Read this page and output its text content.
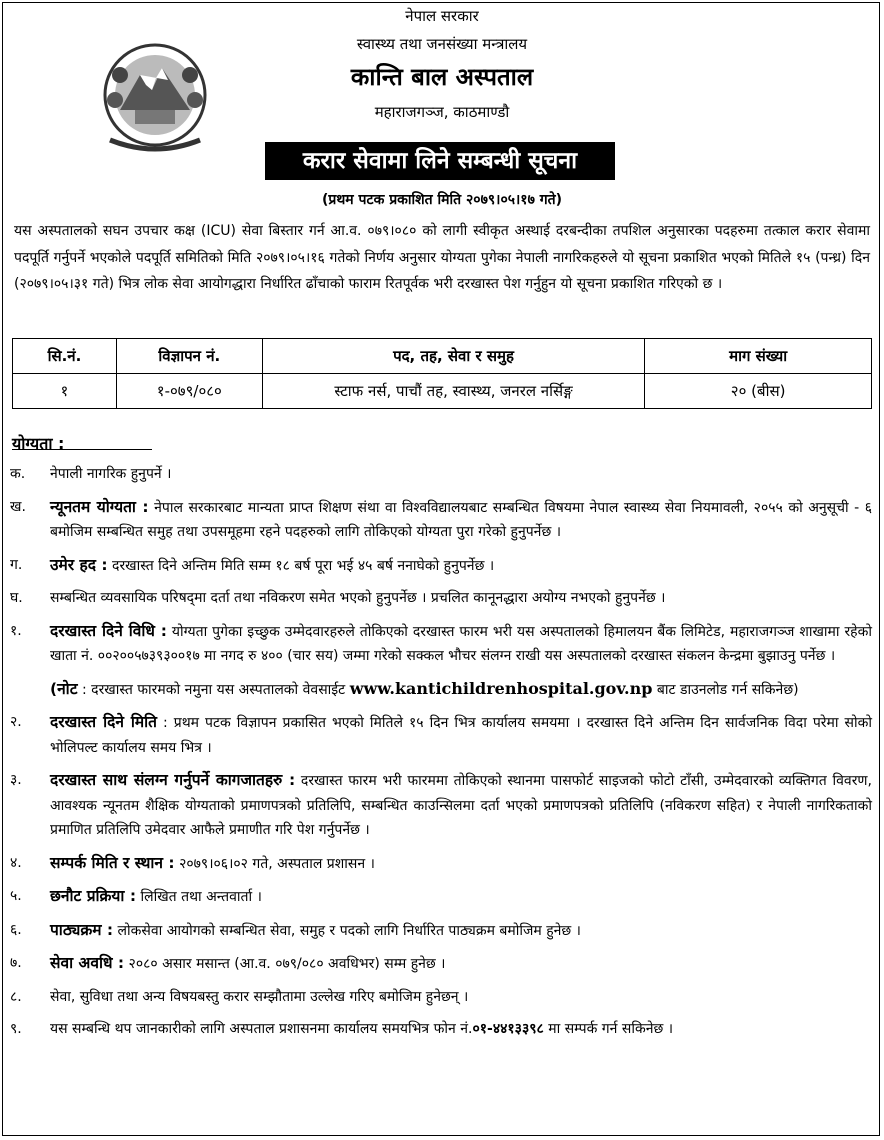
नेपाल सरकार
स्वास्थ्य तथा जनसंख्या मन्त्रालय
कान्ति बाल अस्पताल
महाराजगञ्ज, काठमाण्डौ
करार सेवामा लिने सम्बन्धी सूचना
(प्रथम पटक प्रकाशित मिति २०७९।०५।१७ गते)
यस अस्पतालको सघन उपचार कक्ष (ICU) सेवा बिस्तार गर्न आ.व. ०७९।०८० को लागी स्वीकृत अस्थाई दरबन्दीका तपशिल अनुसारका पदहरुमा तत्काल करार सेवामा पदपूर्ति गर्नुपर्ने भएकोले पदपूर्ति समितिको मिति २०७९।०५।१६ गतेको निर्णय अनुसार योग्यता पुगेका नेपाली नागरिकहरुले यो सूचना प्रकाशित भएको मितिले १५ (पन्ध्र) दिन (२०७९।०५।३१ गते) भित्र लोक सेवा आयोगद्धारा निर्धारित ढाँचाको फाराम रितपूर्वक भरी दरखास्त पेश गर्नुहुन यो सूचना प्रकाशित गरिएको छ ।
सि.नं.	विज्ञापन नं.	पद, तह, सेवा र समुह	माग संख्या
१	१-०७९/०८०	स्टाफ नर्स, पाचौं तह, स्वास्थ्य, जनरल नर्सिङ्ग	२० (बीस)
योग्यता :
क.	नेपाली नागरिक हुनुपर्ने ।
ख.	न्यूनतम योग्यता : नेपाल सरकारबाट मान्यता प्राप्त शिक्षण संथा वा विश्वविद्यालयबाट सम्बन्धित विषयमा नेपाल स्वास्थ्य सेवा नियमावली, २०५५ को अनुसूची - ६ बमोजिम सम्बन्धित समुह तथा उपसमूहमा रहने पदहरुको लागि तोकिएको योग्यता पुरा गरेको हुनुपर्नेछ ।
ग.	उमेर हद : दरखास्त दिने अन्तिम मिति सम्म १८ बर्ष पूरा भई ४५ बर्ष ननाघेको हुनुपर्नेछ ।
घ.	सम्बन्धित व्यवसायिक परिषद्‌मा दर्ता तथा नविकरण समेत भएको हुनुपर्नेछ । प्रचलित कानूनद्धारा अयोग्य नभएको हुनुपर्नेछ ।
१.	दरखास्त दिने विधि : योग्यता पुगेका इच्छुक उम्मेदवारहरुले तोकिएको दरखास्त फारम भरी यस अस्पतालको हिमालयन बैंक लिमिटेड, महाराजगञ्ज शाखामा रहेको खाता नं. ००२००५७३९३००१७ मा नगद रु ४०० (चार सय) जम्मा गरेको सक्कल भौचर संलग्न राखी यस अस्पतालको दरखास्त संकलन केन्द्रमा बुझाउनु पर्नेछ ।
(नोट : दरखास्त फारमको नमुना यस अस्पतालको वेवसाईट www.kantichildrenhospital.gov.np बाट डाउनलोड गर्न सकिनेछ)
२.	दरखास्त दिने मिति : प्रथम पटक विज्ञापन प्रकासित भएको मितिले १५ दिन भित्र कार्यालय समयमा । दरखास्त दिने अन्तिम दिन सार्वजनिक विदा परेमा सोको भोलिपल्ट कार्यालय समय भित्र ।
३.	दरखास्त साथ संलग्न गर्नुपर्ने कागजातहरु : दरखास्त फारम भरी फारममा तोकिएको स्थानमा पासफोर्ट साइजको फोटो टाँसी, उम्मेदवारको व्यक्तिगत विवरण, आवश्यक न्यूनतम शैक्षिक योग्यताको प्रमाणपत्रको प्रतिलिपि, सम्बन्धित काउन्सिलमा दर्ता भएको प्रमाणपत्रको प्रतिलिपि (नविकरण सहित) र नेपाली नागरिकताको प्रमाणित प्रतिलिपि उमेदवार आफैले प्रमाणीत गरि पेश गर्नुपर्नेछ ।
४.	सम्पर्क मिति र स्थान : २०७९।०६।०२ गते, अस्पताल प्रशासन ।
५.	छनौट प्रक्रिया : लिखित तथा अन्तवार्ता ।
६.	पाठ्यक्रम : लोकसेवा आयोगको सम्बन्धित सेवा, समुह र पदको लागि निर्धारित पाठ्यक्रम बमोजिम हुनेछ ।
७.	सेवा अवधि : २०८० असार मसान्त (आ.व. ०७९/०८० अवधिभर) सम्म हुनेछ ।
८.	सेवा, सुविधा तथा अन्य विषयबस्तु करार सम्झौतामा उल्लेख गरिए बमोजिम हुनेछन् ।
९.	यस सम्बन्धि थप जानकारीको लागि अस्पताल प्रशासनमा कार्यालय समयभित्र फोन नं.०१-४४१३३९८ मा सम्पर्क गर्न सकिनेछ ।
